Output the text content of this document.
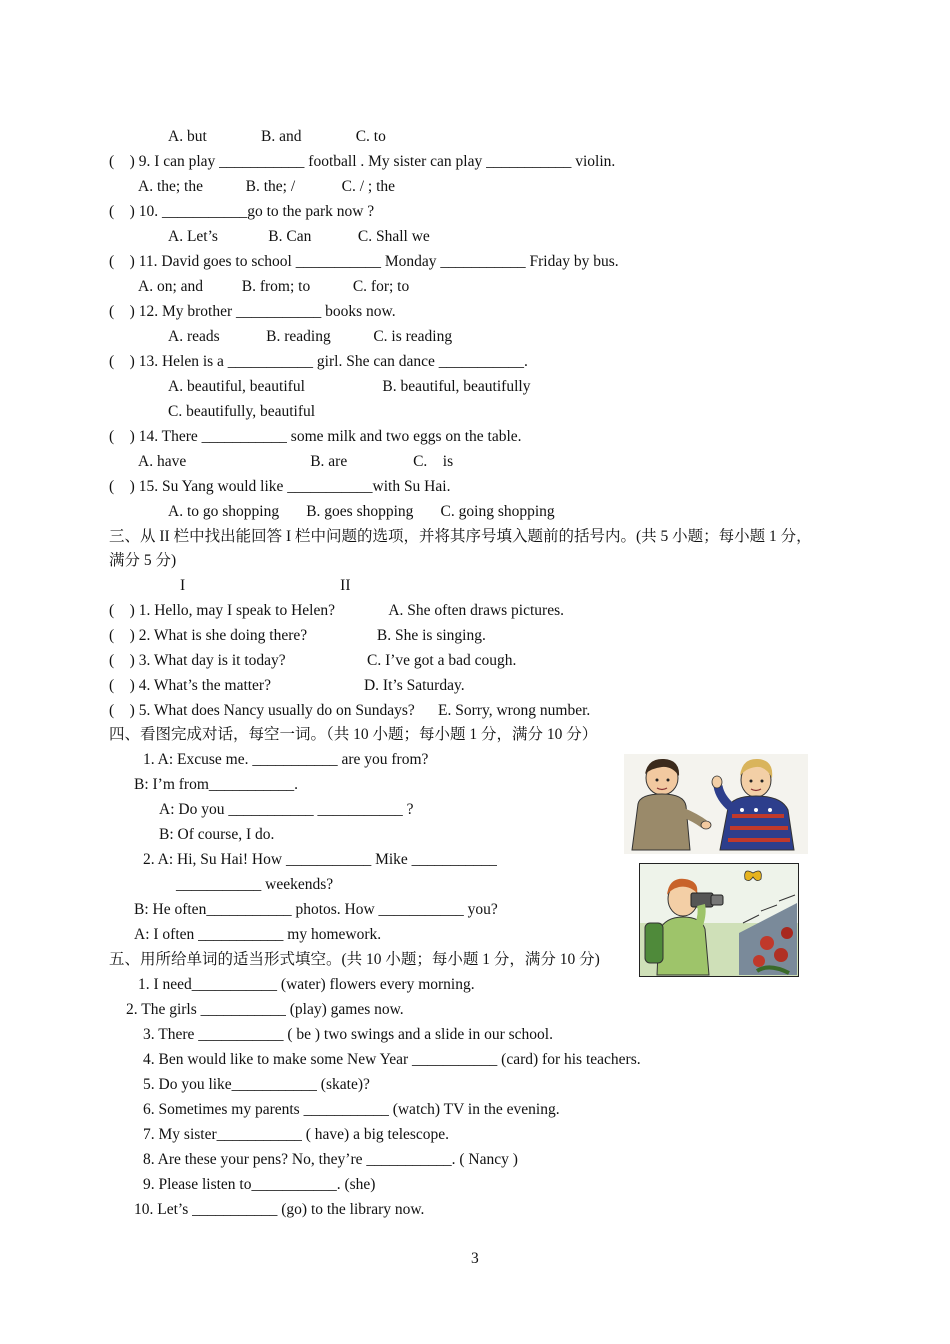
A. but              B. and              C. to
(    ) 9. I can play ___________ football . My sister can play ___________ violin.
A. the; the           B. the; /            C. / ; the
(    ) 10. ___________go to the park now ?
A. Let’s             B. Can            C. Shall we
(    ) 11. David goes to school ___________ Monday ___________ Friday by bus.
A. on; and          B. from; to           C. for; to
(    ) 12. My brother ___________ books now.
A. reads            B. reading           C. is reading
(    ) 13. Helen is a ___________ girl. She can dance ___________.
A. beautiful, beautiful                    B. beautiful, beautifully
C. beautifully, beautiful
(    ) 14. There ___________ some milk and two eggs on the table.
A. have                                B. are                 C.    is
(    ) 15. Su Yang would like ___________with Su Hai.
A. to go shopping       B. goes shopping       C. going shopping
三、从 II 栏中找出能回答 I 栏中问题的选项，并将其序号填入题前的括号内。(共 5 小题；每小题 1 分，
满分 5 分)
I                                        II
(    ) 1. Hello, may I speak to Helen?              A. She often draws pictures.
(    ) 2. What is she doing there?                  B. She is singing.
(    ) 3. What day is it today?                     C. I’ve got a bad cough.
(    ) 4. What’s the matter?                        D. It’s Saturday.
(    ) 5. What does Nancy usually do on Sundays?      E. Sorry, wrong number.
四、看图完成对话，每空一词。（共 10 小题；每小题 1 分，满分 10 分）
1. A: Excuse me. ___________ are you from?
B: I’m from___________.
A: Do you ___________ ___________ ?
B: Of course, I do.
2. A: Hi, Su Hai! How ___________ Mike ___________
___________ weekends?
B: He often___________ photos. How ___________ you?
A: I often ___________ my homework.
五、用所给单词的适当形式填空。(共 10 小题；每小题 1 分，满分 10 分)
1. I need___________ (water) flowers every morning.
2. The girls ___________ (play) games now.
3. There ___________ ( be ) two swings and a slide in our school.
4. Ben would like to make some New Year ___________ (card) for his teachers.
5. Do you like___________ (skate)?
6. Sometimes my parents ___________ (watch) TV in the evening.
7. My sister___________ ( have) a big telescope.
8. Are these your pens? No, they’re ___________. ( Nancy )
9. Please listen to___________. (she)
10. Let’s ___________ (go) to the library now.
3
